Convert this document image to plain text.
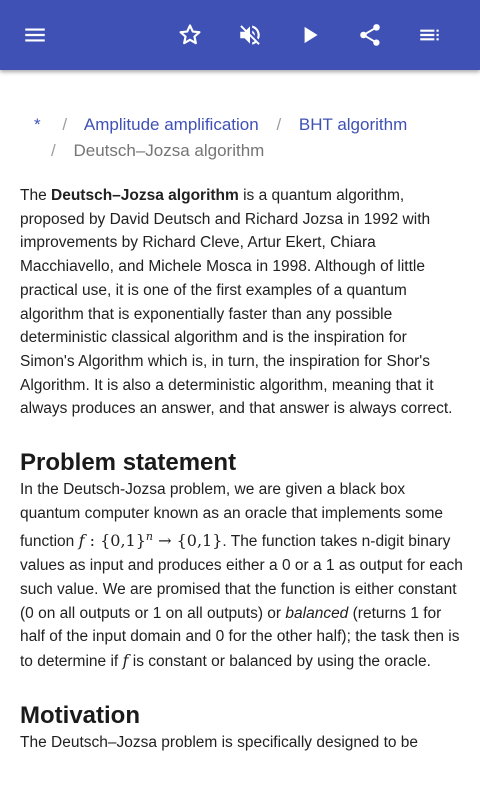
* / Amplitude amplification / BHT algorithm
/ Deutsch–Jozsa algorithm

The Deutsch–Jozsa algorithm is a quantum algorithm, proposed by David Deutsch and Richard Jozsa in 1992 with improvements by Richard Cleve, Artur Ekert, Chiara Macchiavello, and Michele Mosca in 1998. Although of little practical use, it is one of the first examples of a quantum algorithm that is exponentially faster than any possible deterministic classical algorithm and is the inspiration for Simon's Algorithm which is, in turn, the inspiration for Shor's Algorithm. It is also a deterministic algorithm, meaning that it always produces an answer, and that answer is always correct.

Problem statement

In the Deutsch-Jozsa problem, we are given a black box quantum computer known as an oracle that implements some function f : $\{0,1\}^n \to \{0,1\}$. The function takes n-digit binary values as input and produces either a 0 or a 1 as output for each such value. We are promised that the function is either constant (0 on all outputs or 1 on all outputs) or balanced (returns 1 for half of the input domain and 0 for the other half); the task then is to determine if f is constant or balanced by using the oracle.

Motivation

The Deutsch–Jozsa problem is specifically designed to be
